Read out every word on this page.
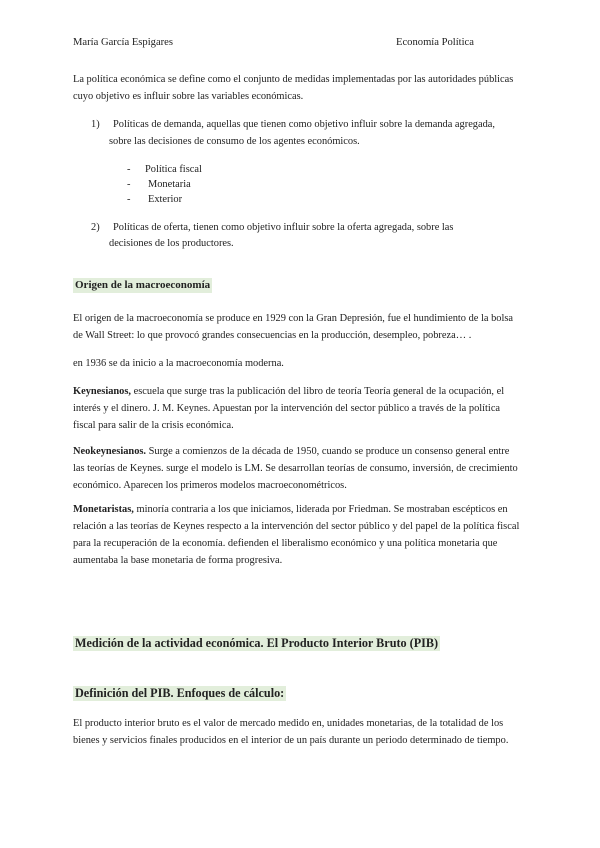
María García Espigares	Economía Política
La política económica se define como el conjunto de medidas implementadas por las autoridades públicas cuyo objetivo es influir sobre las variables económicas.
1) Políticas de demanda, aquellas que tienen como objetivo influir sobre la demanda agregada,
sobre las decisiones de consumo de los agentes económicos.
- Política fiscal
- Monetaria
- Exterior
2) Políticas de oferta, tienen como objetivo influir sobre la oferta agregada, sobre las
decisiones de los productores.
Origen de la macroeconomía
El origen de la macroeconomía se produce en 1929 con la Gran Depresión, fue el hundimiento de la bolsa de Wall Street: lo que provocó grandes consecuencias en la producción, desempleo, pobreza… .
en 1936 se da inicio a la macroeconomía moderna.
Keynesianos, escuela que surge tras la publicación del libro de teoría Teoría general de la ocupación, el interés y el dinero. J. M. Keynes. Apuestan por la intervención del sector público a través de la política fiscal para salir de la crisis económica.
Neokeynesianos. Surge a comienzos de la década de 1950, cuando se produce un consenso general entre las teorías de Keynes. surge el modelo is LM. Se desarrollan teorías de consumo, inversión, de crecimiento económico. Aparecen los primeros modelos macroeconométricos.
Monetaristas, minoría contraria a los que iniciamos, liderada por Friedman. Se mostraban escépticos en relación a las teorías de Keynes respecto a la intervención del sector público y del papel de la política fiscal para la recuperación de la economía. defienden el liberalismo económico y una política monetaria que aumentaba la base monetaria de forma progresiva.
Medición de la actividad económica. El Producto Interior Bruto (PIB)
Definición del PIB. Enfoques de cálculo:
El producto interior bruto es el valor de mercado medido en, unidades monetarias, de la totalidad de los bienes y servicios finales producidos en el interior de un país durante un periodo determinado de tiempo.
